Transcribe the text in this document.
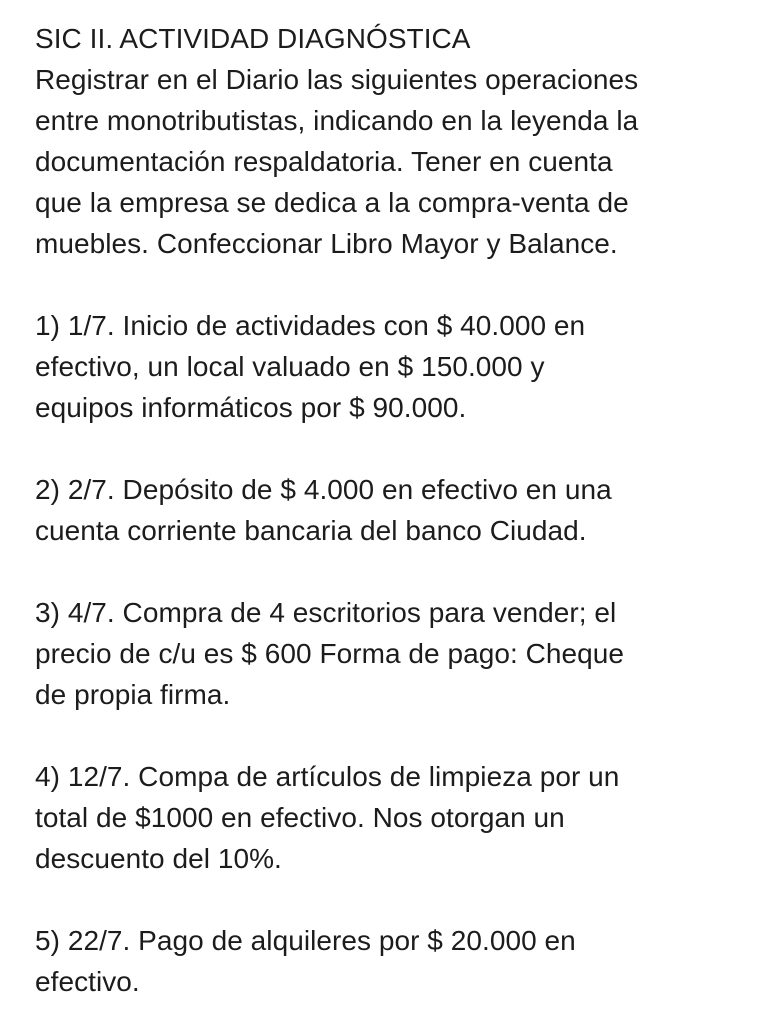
SIC II. ACTIVIDAD DIAGNÓSTICA
Registrar en el Diario las siguientes operaciones
entre monotributistas, indicando en la leyenda la
documentación respaldatoria. Tener en cuenta
que la empresa se dedica a la compra-venta de
muebles. Confeccionar Libro Mayor y Balance.
1) 1/7. Inicio de actividades con $ 40.000 en
efectivo, un local valuado en $ 150.000 y
equipos informáticos por $ 90.000.
2) 2/7. Depósito de $ 4.000 en efectivo en una
cuenta corriente bancaria del banco Ciudad.
3) 4/7. Compra de 4 escritorios para vender; el
precio de c/u es $ 600 Forma de pago: Cheque
de propia firma.
4) 12/7. Compa de artículos de limpieza por un
total de $1000 en efectivo. Nos otorgan un
descuento del 10%.
5) 22/7. Pago de alquileres por $ 20.000 en
efectivo.
